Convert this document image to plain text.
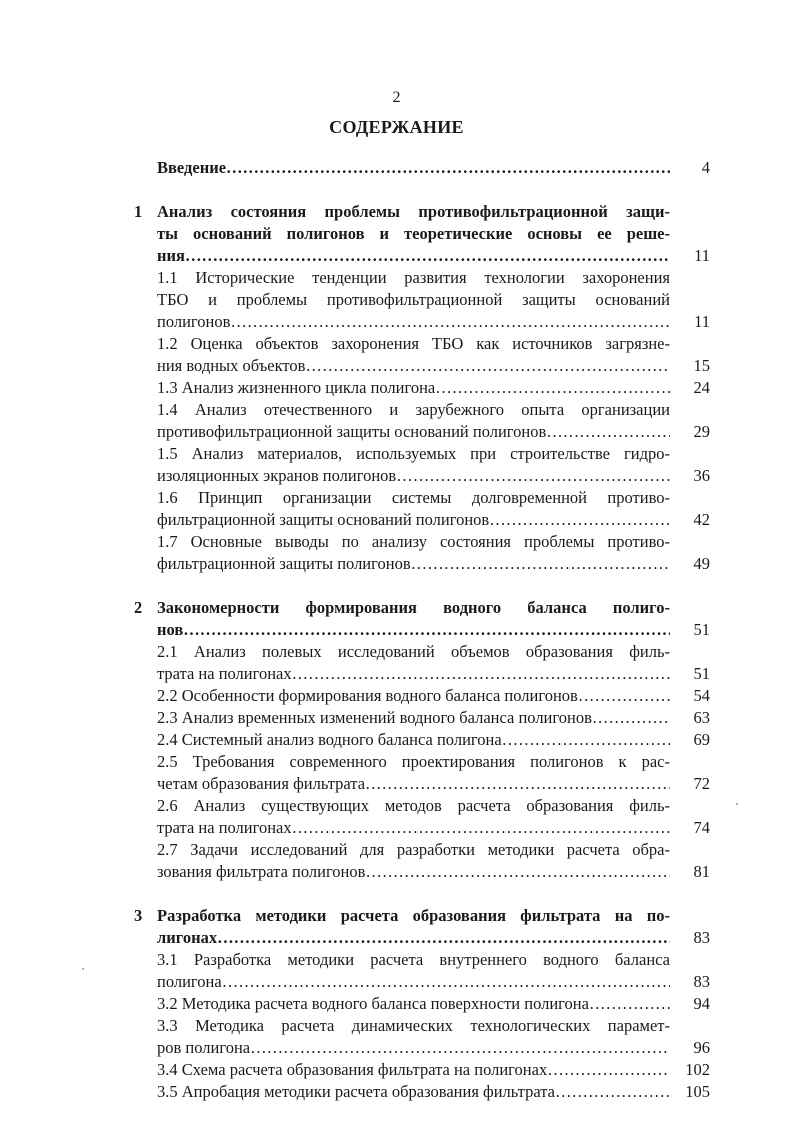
2
СОДЕРЖАНИЕ
Введение …………………………………………………………………………………………………………………………………………………………………………………………………………	4
1 Анализ состояния проблемы противофильтрационной защи-
ты оснований полигонов и теоретические основы ее реше-
ния …………………………………………………………………………………………………………………………………………………………………………………………………………	11
1.1 Исторические тенденции развития технологии захоронения
ТБО и проблемы противофильтрационной защиты оснований
полигонов …………………………………………………………………………………………………………………………………………………………………………………………………………	11
1.2 Оценка объектов захоронения ТБО как источников загрязне-
ния водных объектов …………………………………………………………………………………………………………………………………………………………………………………………………………	15
1.3 Анализ жизненного цикла полигона …………………………………………………………………………………………………………………………………………………………………………………………………………	24
1.4 Анализ отечественного и зарубежного опыта организации
противофильтрационной защиты оснований полигонов …………………………………………………………………………………………………………………………………………………………………………………………………………	29
1.5 Анализ материалов, используемых при строительстве гидро-
изоляционных экранов полигонов …………………………………………………………………………………………………………………………………………………………………………………………………………	36
1.6 Принцип организации системы долговременной противо-
фильтрационной защиты оснований полигонов …………………………………………………………………………………………………………………………………………………………………………………………………………	42
1.7 Основные выводы по анализу состояния проблемы противо-
фильтрационной защиты полигонов …………………………………………………………………………………………………………………………………………………………………………………………………………	49
2 Закономерности формирования водного баланса полиго-
нов …………………………………………………………………………………………………………………………………………………………………………………………………………	51
2.1 Анализ полевых исследований объемов образования филь-
трата на полигонах …………………………………………………………………………………………………………………………………………………………………………………………………………	51
2.2 Особенности формирования водного баланса полигонов …………………………………………………………………………………………………………………………………………………………………………………………………………	54
2.3 Анализ временных изменений водного баланса полигонов …………………………………………………………………………………………………………………………………………………………………………………………………………	63
2.4 Системный анализ водного баланса полигона …………………………………………………………………………………………………………………………………………………………………………………………………………	69
2.5 Требования современного проектирования полигонов к рас-
четам образования фильтрата …………………………………………………………………………………………………………………………………………………………………………………………………………	72
2.6 Анализ существующих методов расчета образования филь-
трата на полигонах …………………………………………………………………………………………………………………………………………………………………………………………………………	74
2.7 Задачи исследований для разработки методики расчета обра-
зования фильтрата полигонов …………………………………………………………………………………………………………………………………………………………………………………………………………	81
3 Разработка методики расчета образования фильтрата на по-
лигонах …………………………………………………………………………………………………………………………………………………………………………………………………………	83
3.1 Разработка методики расчета внутреннего водного баланса
полигона …………………………………………………………………………………………………………………………………………………………………………………………………………	83
3.2 Методика расчета водного баланса поверхности полигона …………………………………………………………………………………………………………………………………………………………………………………………………………	94
3.3 Методика расчета динамических технологических парамет-
ров полигона …………………………………………………………………………………………………………………………………………………………………………………………………………	96
3.4 Схема расчета образования фильтрата на полигонах …………………………………………………………………………………………………………………………………………………………………………………………………………	102
3.5 Апробация методики расчета образования фильтрата …………………………………………………………………………………………………………………………………………………………………………………………………………	105
